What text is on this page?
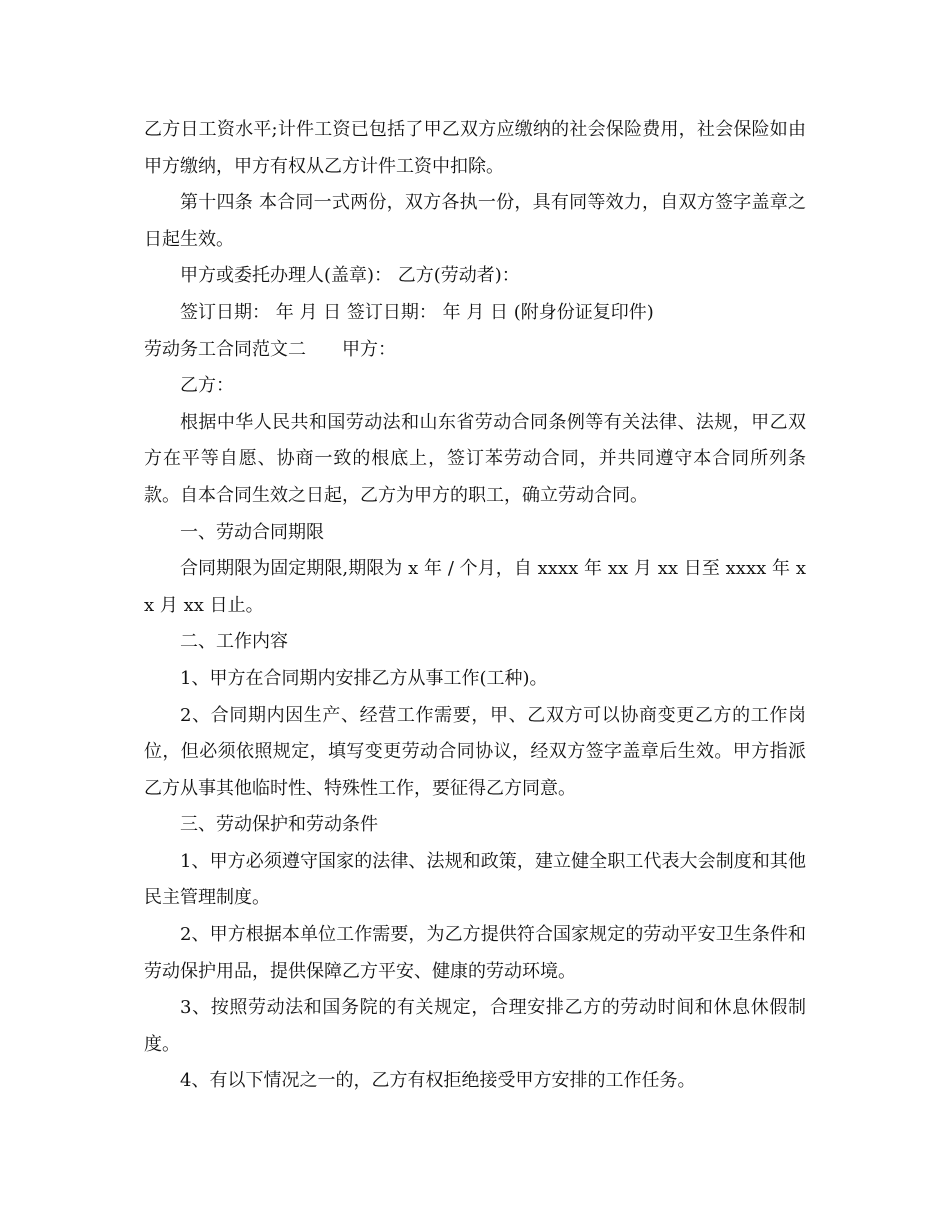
乙方日工资水平;计件工资已包括了甲乙双方应缴纳的社会保险费用，社会保险如由甲方缴纳，甲方有权从乙方计件工资中扣除。

第十四条 本合同一式两份，双方各执一份，具有同等效力，自双方签字盖章之日起生效。

甲方或委托办理人(盖章)： 乙方(劳动者)：

签订日期： 年 月 日 签订日期： 年 月 日 (附身份证复印件)

劳动务工合同范文二 甲方：

乙方：

根据中华人民共和国劳动法和山东省劳动合同条例等有关法律、法规，甲乙双方在平等自愿、协商一致的根底上，签订苯劳动合同，并共同遵守本合同所列条款。自本合同生效之日起，乙方为甲方的职工，确立劳动合同。

一、劳动合同期限

合同期限为固定期限,期限为 x 年 / 个月，自 xxxx 年 xx 月 xx 日至 xxxx 年 xx 月 xx 日止。

二、工作内容

1、甲方在合同期内安排乙方从事工作(工种)。

2、合同期内因生产、经营工作需要，甲、乙双方可以协商变更乙方的工作岗位，但必须依照规定，填写变更劳动合同协议，经双方签字盖章后生效。甲方指派乙方从事其他临时性、特殊性工作，要征得乙方同意。

三、劳动保护和劳动条件

1、甲方必须遵守国家的法律、法规和政策，建立健全职工代表大会制度和其他民主管理制度。

2、甲方根据本单位工作需要，为乙方提供符合国家规定的劳动平安卫生条件和劳动保护用品，提供保障乙方平安、健康的劳动环境。

3、按照劳动法和国务院的有关规定，合理安排乙方的劳动时间和休息休假制度。

4、有以下情况之一的，乙方有权拒绝接受甲方安排的工作任务。
